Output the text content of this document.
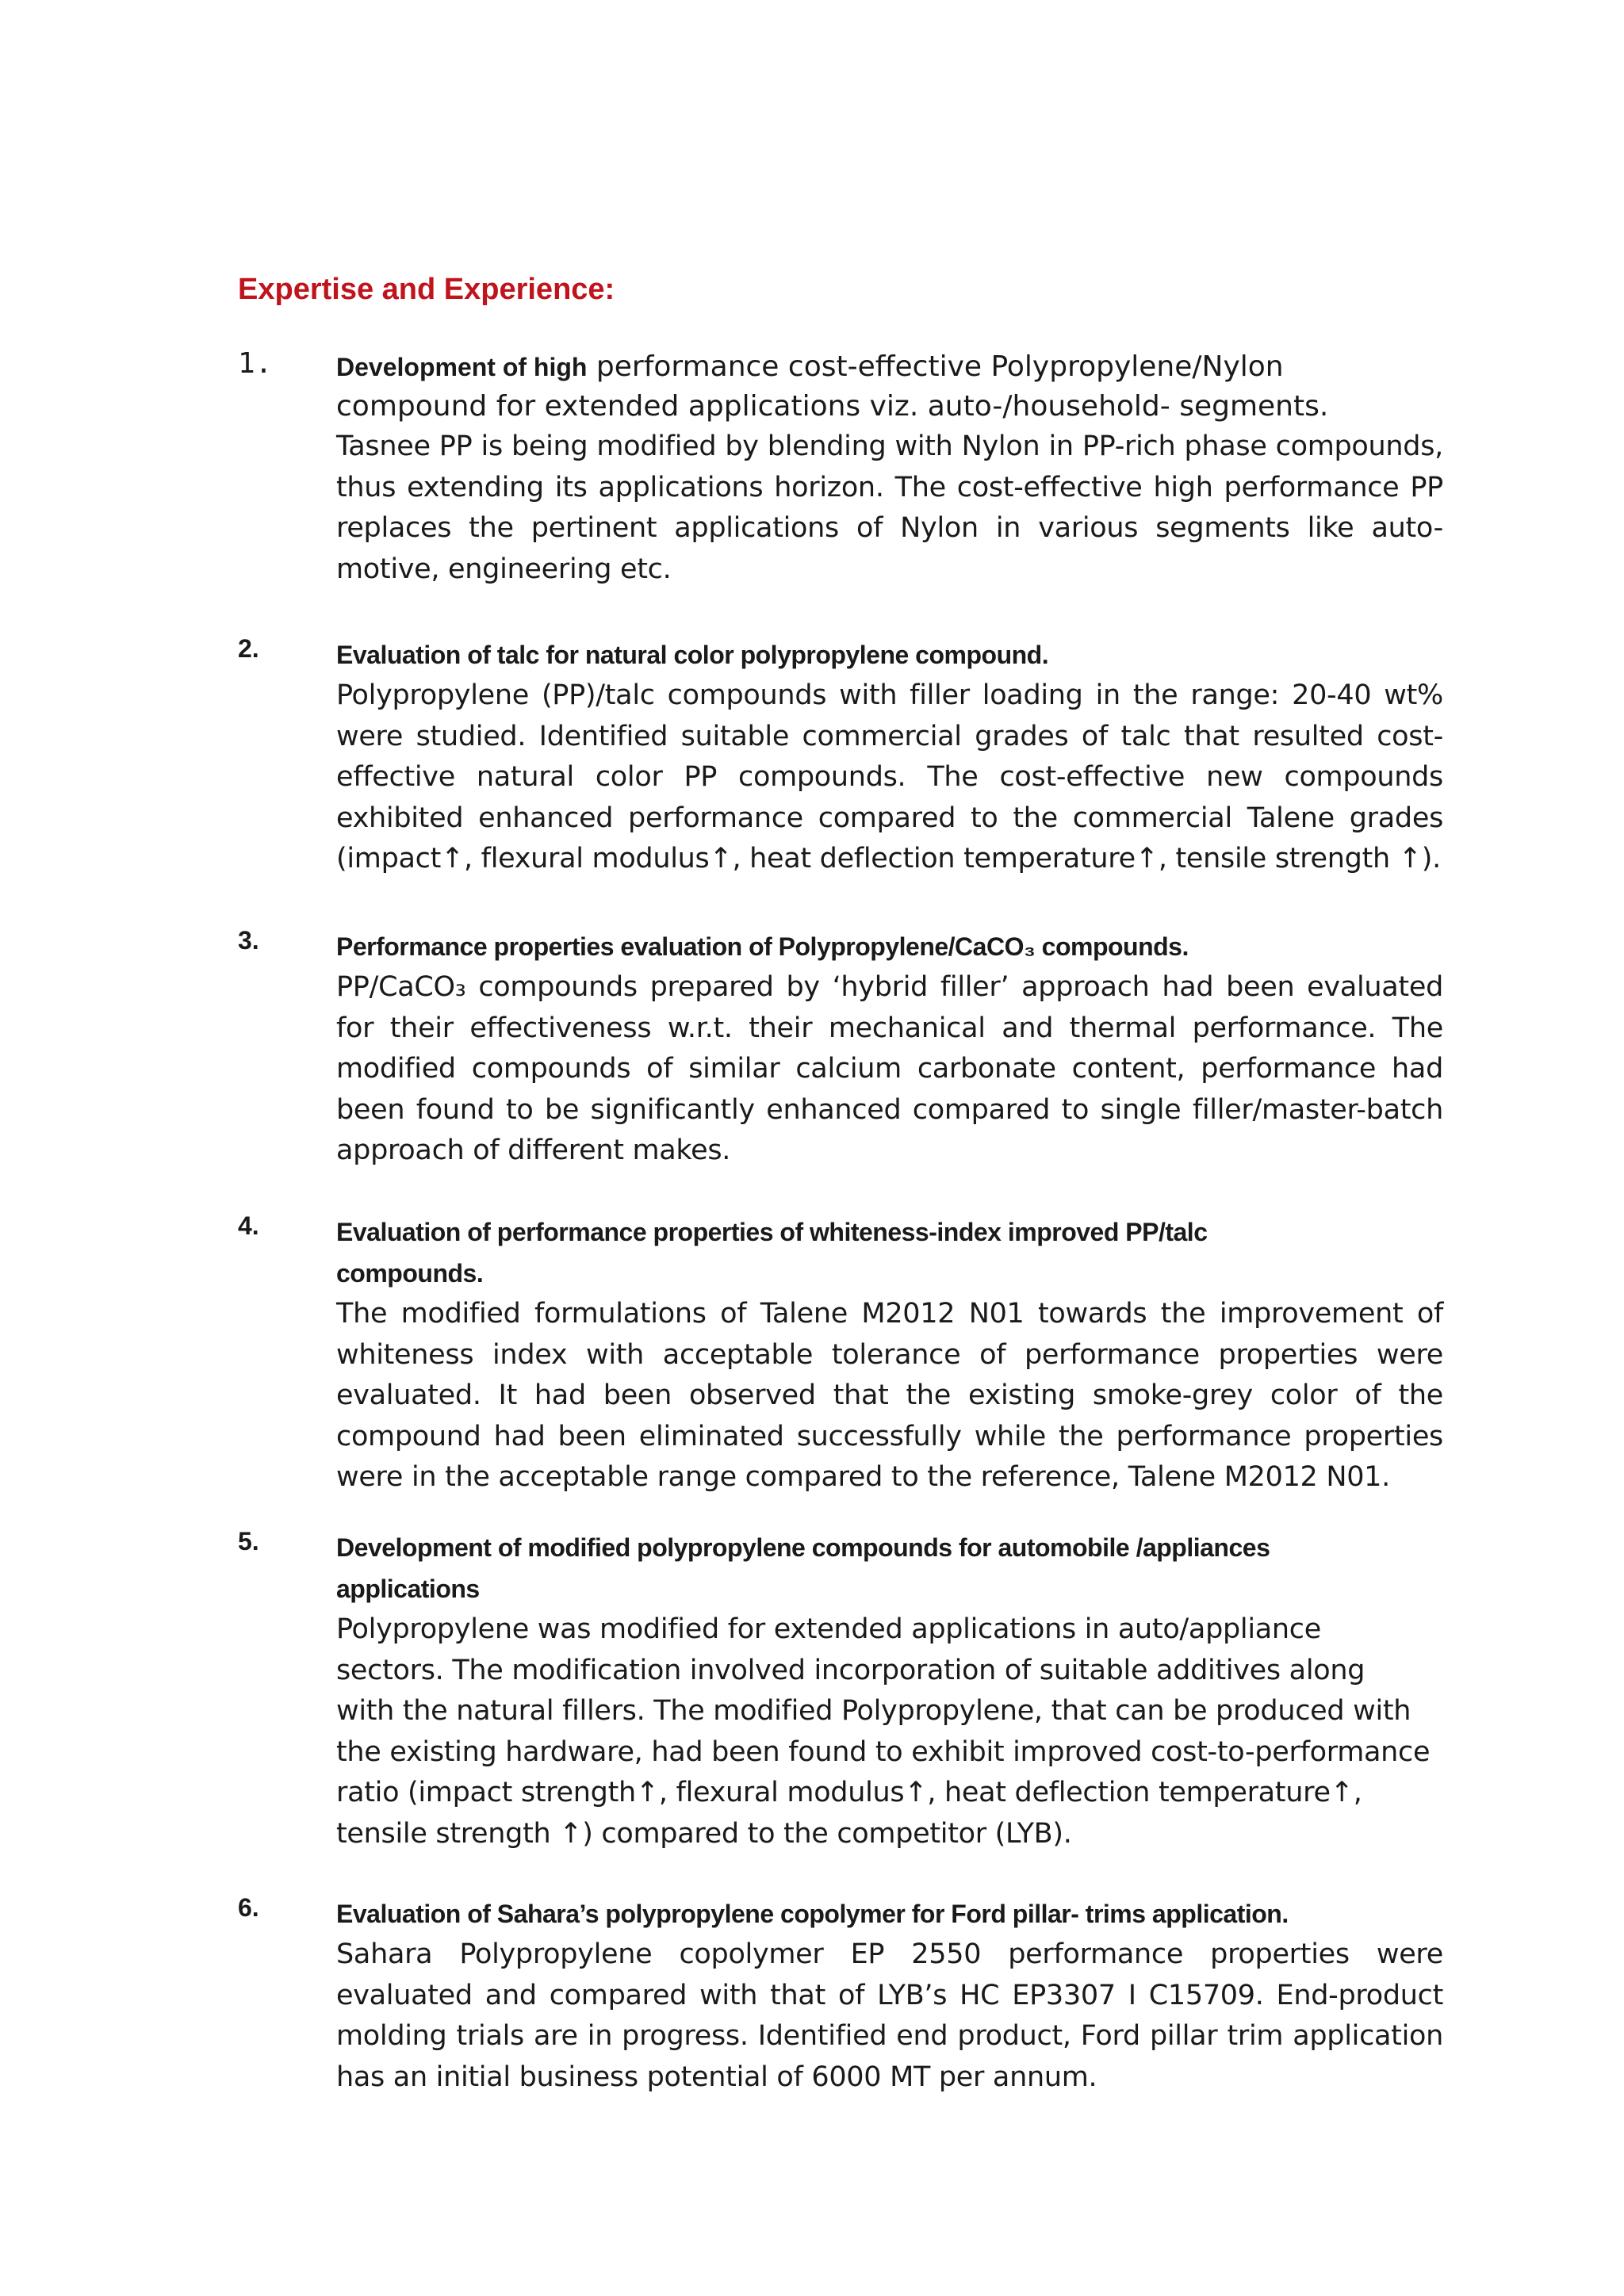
Expertise and Experience:
1.	Development of high performance cost-effective Polypropylene/Nylon compound for extended applications viz. auto-/household- segments.
Tasnee PP is being modified by blending with Nylon in PP-rich phase compounds, thus extending its applications horizon. The cost-effective high performance PP replaces the pertinent applications of Nylon in various segments like auto-motive, engineering etc.
2.	Evaluation of talc for natural color polypropylene compound.
Polypropylene (PP)/talc compounds with filler loading in the range: 20-40 wt% were studied. Identified suitable commercial grades of talc that resulted cost-effective natural color PP compounds. The cost-effective new compounds exhibited enhanced performance compared to the commercial Talene grades (impact↑, flexural modulus↑, heat deflection temperature↑, tensile strength ↑).
3.	Performance properties evaluation of Polypropylene/CaCO₃ compounds.
PP/CaCO₃ compounds prepared by ‘hybrid filler’ approach had been evaluated for their effectiveness w.r.t. their mechanical and thermal performance. The modified compounds of similar calcium carbonate content, performance had been found to be significantly enhanced compared to single filler/master-batch approach of different makes.
4.	Evaluation of performance properties of whiteness-index improved PP/talc compounds.
The modified formulations of Talene M2012 N01 towards the improvement of whiteness index with acceptable tolerance of performance properties were evaluated. It had been observed that the existing smoke-grey color of the compound had been eliminated successfully while the performance properties were in the acceptable range compared to the reference, Talene M2012 N01.
5.	Development of modified polypropylene compounds for automobile /appliances applications
Polypropylene was modified for extended applications in auto/appliance sectors. The modification involved incorporation of suitable additives along with the natural fillers. The modified Polypropylene, that can be produced with the existing hardware, had been found to exhibit improved cost-to-performance ratio (impact strength↑, flexural modulus↑, heat deflection temperature↑, tensile strength ↑) compared to the competitor (LYB).
6.	Evaluation of Sahara’s polypropylene copolymer for Ford pillar- trims application.
Sahara Polypropylene copolymer EP 2550 performance properties were evaluated and compared with that of LYB’s HC EP3307 I C15709. End-product molding trials are in progress. Identified end product, Ford pillar trim application has an initial business potential of 6000 MT per annum.
